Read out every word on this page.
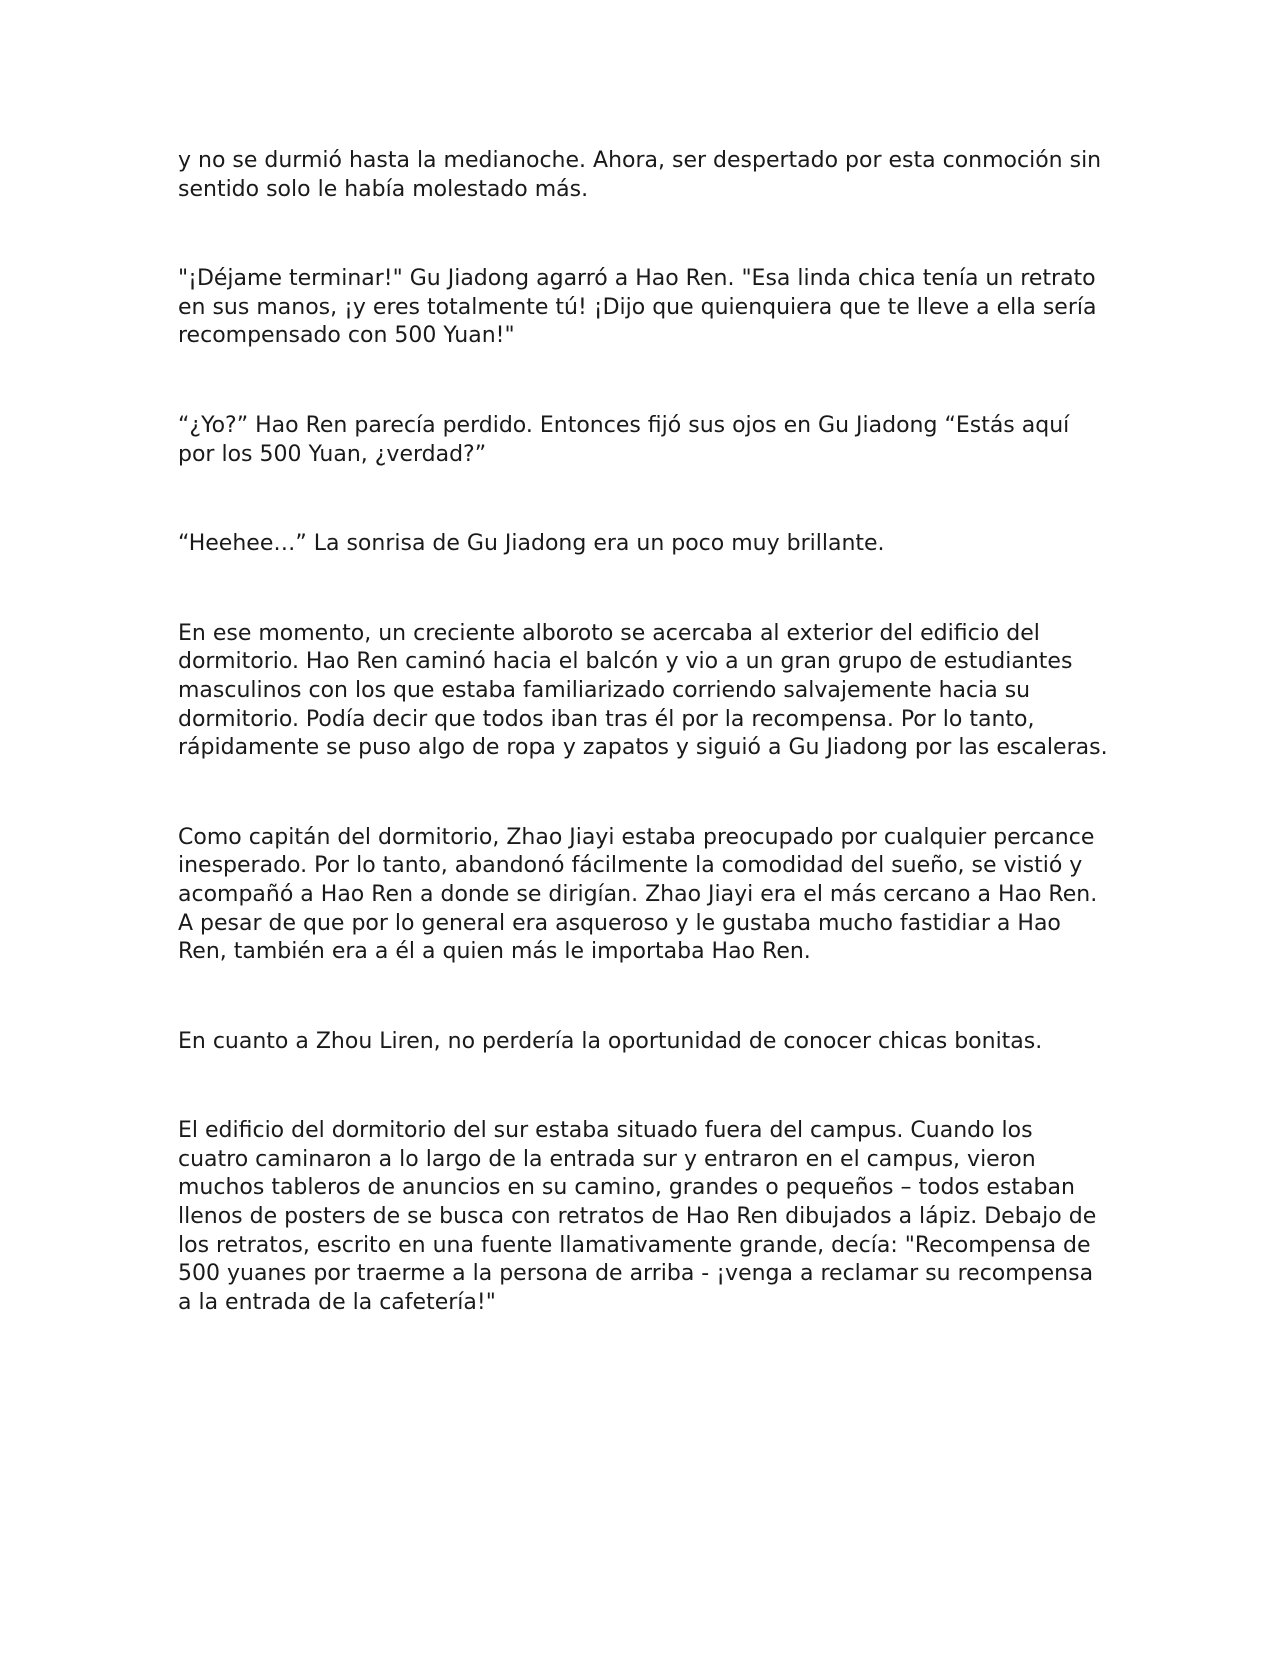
y no se durmió hasta la medianoche. Ahora, ser despertado por esta conmoción sin sentido solo le había molestado más.

"¡Déjame terminar!" Gu Jiadong agarró a Hao Ren. "Esa linda chica tenía un retrato en sus manos, ¡y eres totalmente tú! ¡Dijo que quienquiera que te lleve a ella sería recompensado con 500 Yuan!"

“¿Yo?” Hao Ren parecía perdido. Entonces fijó sus ojos en Gu Jiadong “Estás aquí por los 500 Yuan, ¿verdad?”

“Heehee…” La sonrisa de Gu Jiadong era un poco muy brillante.

En ese momento, un creciente alboroto se acercaba al exterior del edificio del dormitorio. Hao Ren caminó hacia el balcón y vio a un gran grupo de estudiantes masculinos con los que estaba familiarizado corriendo salvajemente hacia su dormitorio. Podía decir que todos iban tras él por la recompensa. Por lo tanto, rápidamente se puso algo de ropa y zapatos y siguió a Gu Jiadong por las escaleras.

Como capitán del dormitorio, Zhao Jiayi estaba preocupado por cualquier percance inesperado. Por lo tanto, abandonó fácilmente la comodidad del sueño, se vistió y acompañó a Hao Ren a donde se dirigían. Zhao Jiayi era el más cercano a Hao Ren. A pesar de que por lo general era asqueroso y le gustaba mucho fastidiar a Hao Ren, también era a él a quien más le importaba Hao Ren.

En cuanto a Zhou Liren, no perdería la oportunidad de conocer chicas bonitas.

El edificio del dormitorio del sur estaba situado fuera del campus. Cuando los cuatro caminaron a lo largo de la entrada sur y entraron en el campus, vieron muchos tableros de anuncios en su camino, grandes o pequeños – todos estaban llenos de posters de se busca con retratos de Hao Ren dibujados a lápiz. Debajo de los retratos, escrito en una fuente llamativamente grande, decía: "Recompensa de 500 yuanes por traerme a la persona de arriba - ¡venga a reclamar su recompensa a la entrada de la cafetería!"
